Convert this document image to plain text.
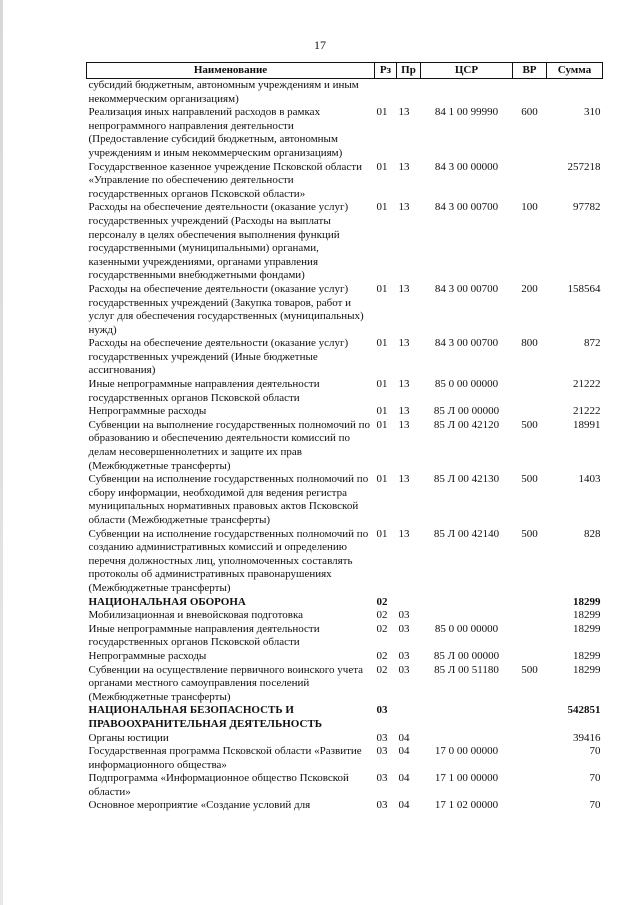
17
Наименование	Рз	Пр	ЦСР	ВР	Сумма
субсидий бюджетным, автономным учреждениям и иным некоммерческим организациям)					
Реализация иных направлений расходов в рамках непрограммного направления деятельности (Предоставление субсидий бюджетным, автономным учреждениям и иным некоммерческим организациям)	01	13	84 1 00 99990	600	310
Государственное казенное учреждение Псковской области «Управление по обеспечению деятельности государственных органов Псковской области»	01	13	84 3 00 00000		257218
Расходы на обеспечение деятельности (оказание услуг) государственных учреждений (Расходы на выплаты персоналу в целях обеспечения выполнения функций государственными (муниципальными) органами, казенными учреждениями, органами управления государственными внебюджетными фондами)	01	13	84 3 00 00700	100	97782
Расходы на обеспечение деятельности (оказание услуг) государственных учреждений (Закупка товаров, работ и услуг для обеспечения государственных (муниципальных) нужд)	01	13	84 3 00 00700	200	158564
Расходы на обеспечение деятельности (оказание услуг) государственных учреждений (Иные бюджетные ассигнования)	01	13	84 3 00 00700	800	872
Иные непрограммные направления деятельности государственных органов Псковской области	01	13	85 0 00 00000		21222
Непрограммные расходы	01	13	85 Л 00 00000		21222
Субвенции на выполнение государственных полномочий по образованию и обеспечению деятельности комиссий по делам несовершеннолетних и защите их прав (Межбюджетные трансферты)	01	13	85 Л 00 42120	500	18991
Субвенции на исполнение государственных полномочий по сбору информации, необходимой для ведения регистра муниципальных нормативных правовых актов Псковской области (Межбюджетные трансферты)	01	13	85 Л 00 42130	500	1403
Субвенции на исполнение государственных полномочий по созданию административных комиссий и определению перечня должностных лиц, уполномоченных составлять протоколы об административных правонарушениях (Межбюджетные трансферты)	01	13	85 Л 00 42140	500	828
НАЦИОНАЛЬНАЯ ОБОРОНА	02				18299
Мобилизационная и вневойсковая подготовка	02	03			18299
Иные непрограммные направления деятельности государственных органов Псковской области	02	03	85 0 00 00000		18299
Непрограммные расходы	02	03	85 Л 00 00000		18299
Субвенции на осуществление первичного воинского учета органами местного самоуправления поселений (Межбюджетные трансферты)	02	03	85 Л 00 51180	500	18299
НАЦИОНАЛЬНАЯ БЕЗОПАСНОСТЬ И ПРАВООХРАНИТЕЛЬНАЯ ДЕЯТЕЛЬНОСТЬ	03				542851
Органы юстиции	03	04			39416
Государственная программа Псковской области «Развитие информационного общества»	03	04	17 0 00 00000		70
Подпрограмма «Информационное общество Псковской области»	03	04	17 1 00 00000		70
Основное мероприятие «Создание условий для	03	04	17 1 02 00000		70
